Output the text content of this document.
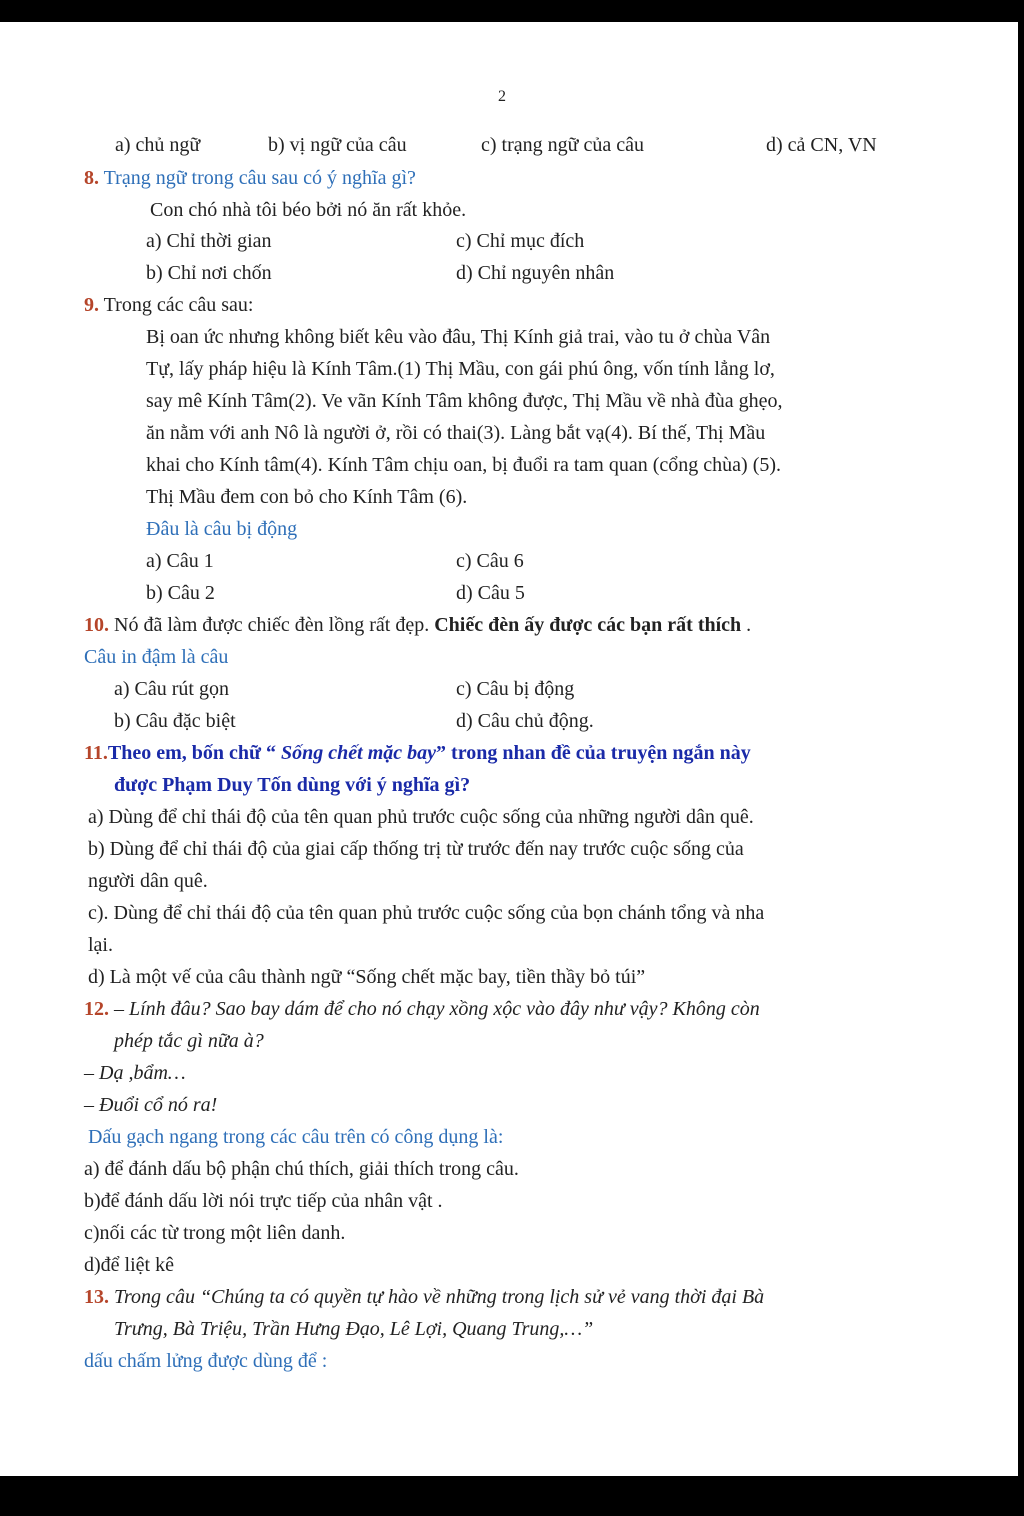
2
a) chủ ngữ	b) vị ngữ của câu	c) trạng ngữ của câu	d) cả CN, VN
8. Trạng ngữ trong câu sau có ý nghĩa gì?
Con chó nhà tôi béo bởi nó ăn rất khỏe.
a) Chỉ thời gian	c) Chỉ mục đích
b) Chỉ nơi chốn	d) Chỉ nguyên nhân
9. Trong các câu sau:
Bị oan ức nhưng không biết kêu vào đâu, Thị Kính giả trai, vào tu ở chùa Vân
Tự, lấy pháp hiệu là Kính Tâm.(1) Thị Mầu, con gái phú ông, vốn tính lẳng lơ,
say mê Kính Tâm(2). Ve vãn Kính Tâm không được, Thị Mầu về nhà đùa ghẹo,
ăn nằm với anh Nô là người ở, rồi có thai(3). Làng bắt vạ(4). Bí thế, Thị Mầu
khai cho Kính tâm(4). Kính Tâm chịu oan, bị đuổi ra tam quan (cổng chùa) (5).
Thị Mầu đem con bỏ cho Kính Tâm (6).
Đâu là câu bị động
a) Câu 1	c) Câu 6
b) Câu 2	d) Câu 5
10. Nó đã làm được chiếc đèn lồng rất đẹp. Chiếc đèn ấy được các bạn rất thích .
Câu in đậm là câu
a) Câu rút gọn	c) Câu bị động
b) Câu đặc biệt	d) Câu chủ động.
11.Theo em, bốn chữ “ Sống chết mặc bay” trong nhan đề của truyện ngắn này
được Phạm Duy Tốn dùng với ý nghĩa gì?
a) Dùng để chỉ thái độ của tên quan phủ trước cuộc sống của những người dân quê.
b) Dùng để chỉ thái độ của giai cấp thống trị từ trước đến nay trước cuộc sống của
người dân quê.
c). Dùng để chỉ thái độ của tên quan phủ trước cuộc sống của bọn chánh tổng và nha
lại.
d) Là một vế của câu thành ngữ “Sống chết mặc bay, tiền thầy bỏ túi”
12. – Lính đâu? Sao bay dám để cho nó chạy xồng xộc vào đây như vậy? Không còn
phép tắc gì nữa à?
– Dạ ,bẩm…
– Đuổi cổ nó ra!
Dấu gạch ngang trong các câu trên có công dụng là:
a) để đánh dấu bộ phận chú thích, giải thích trong câu.
b)để đánh dấu lời nói trực tiếp của nhân vật .
c)nối các từ trong một liên danh.
d)để liệt kê
13. Trong câu “Chúng ta có quyền tự hào về những trong lịch sử vẻ vang thời đại Bà
Trưng, Bà Triệu, Trần Hưng Đạo, Lê Lợi, Quang Trung,…”
dấu chấm lửng được dùng để :
